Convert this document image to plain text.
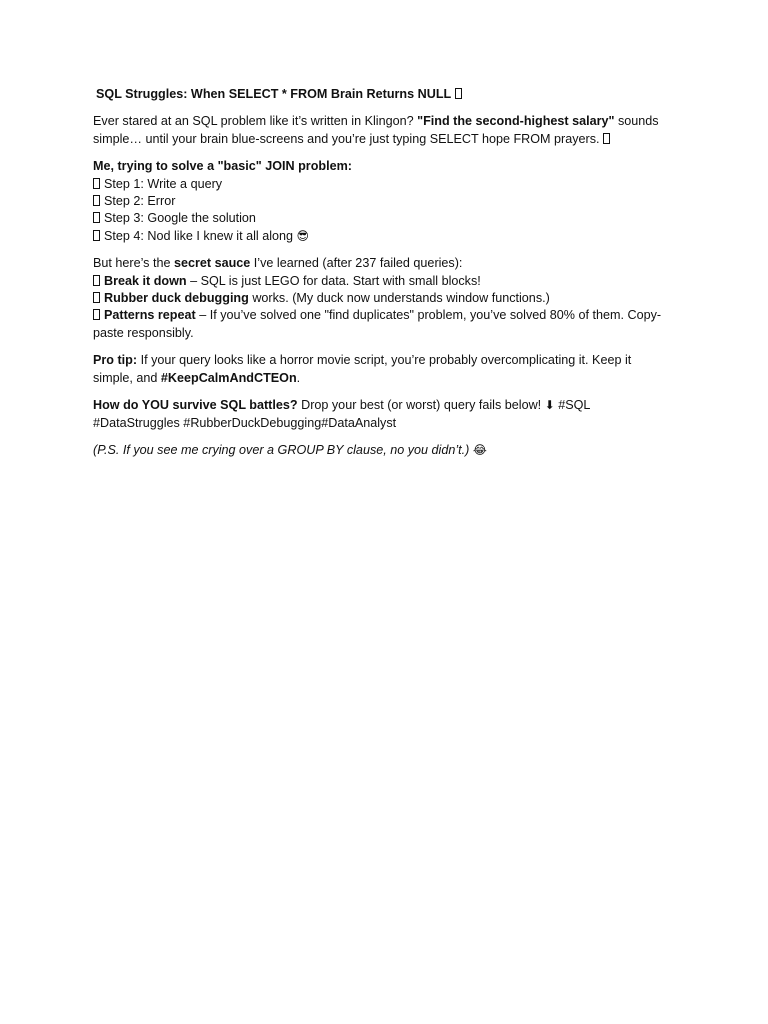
SQL Struggles: When SELECT * FROM Brain Returns NULL

Ever stared at an SQL problem like it’s written in Klingon? "Find the second-highest salary" sounds simple… until your brain blue-screens and you’re just typing SELECT hope FROM prayers.

Me, trying to solve a "basic" JOIN problem:
Step 1: Write a query
Step 2: Error
Step 3: Google the solution
Step 4: Nod like I knew it all along 😎
But here’s the secret sauce I’ve learned (after 237 failed queries):
Break it down – SQL is just LEGO for data. Start with small blocks!
Rubber duck debugging works. (My duck now understands window functions.)
Patterns repeat – If you’ve solved one "find duplicates" problem, you’ve solved 80% of them. Copy-paste responsibly.

Pro tip: If your query looks like a horror movie script, you’re probably overcomplicating it. Keep it simple, and #KeepCalmAndCTEOn.

How do YOU survive SQL battles? Drop your best (or worst) query fails below! ⬇ #SQL #DataStruggles #RubberDuckDebugging#DataAnalyst

(P.S. If you see me crying over a GROUP BY clause, no you didn’t.) 😂
